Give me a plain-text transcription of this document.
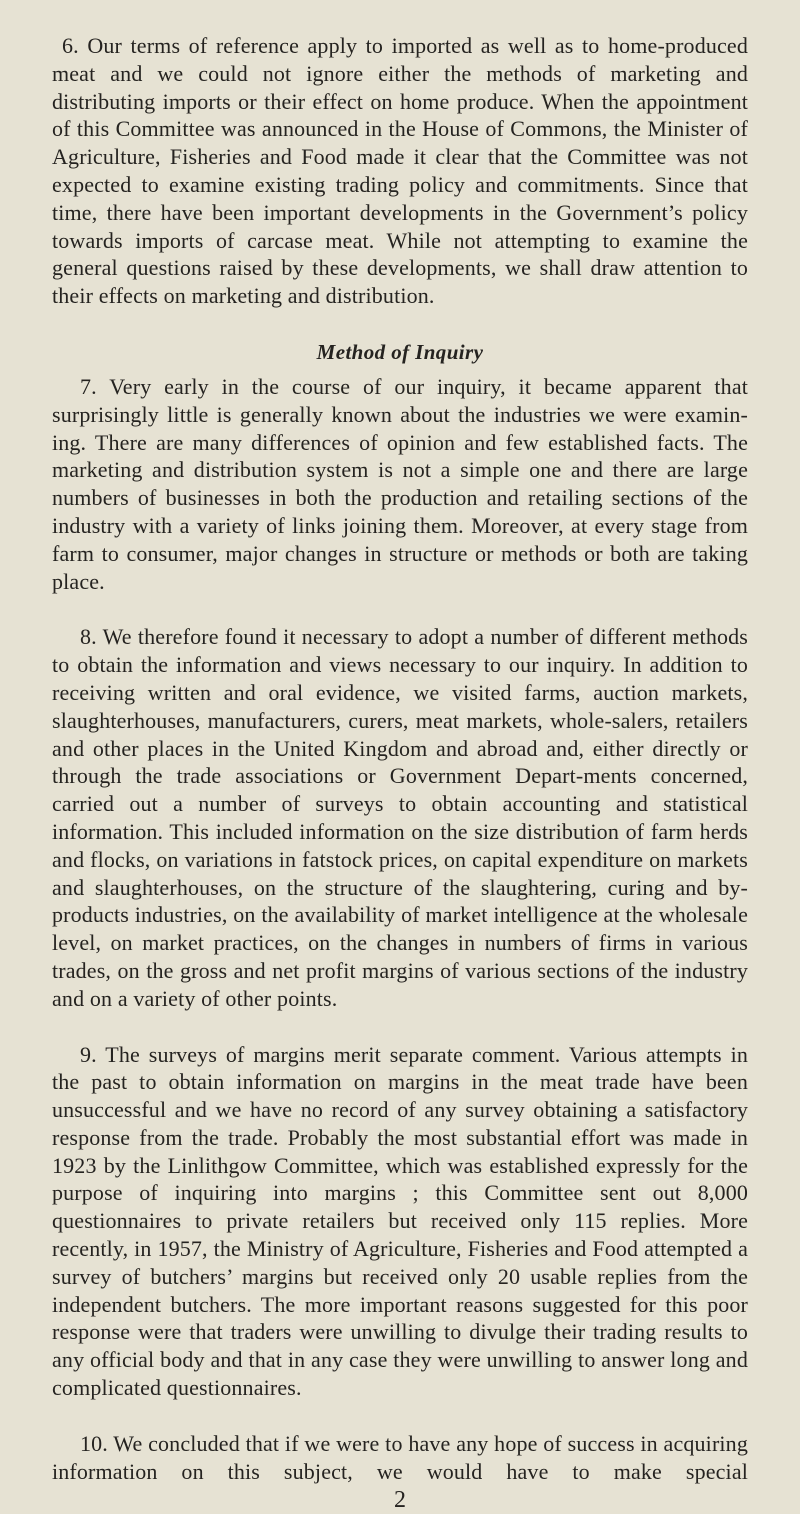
6. Our terms of reference apply to imported as well as to home-produced meat and we could not ignore either the methods of marketing and distributing imports or their effect on home produce. When the appointment of this Committee was announced in the House of Commons, the Minister of Agriculture, Fisheries and Food made it clear that the Committee was not expected to examine existing trading policy and commitments. Since that time, there have been important developments in the Government’s policy towards imports of carcase meat. While not attempting to examine the general questions raised by these developments, we shall draw attention to their effects on marketing and distribution.

Method of Inquiry

7. Very early in the course of our inquiry, it became apparent that surprisingly little is generally known about the industries we were examin-ing. There are many differences of opinion and few established facts. The marketing and distribution system is not a simple one and there are large numbers of businesses in both the production and retailing sections of the industry with a variety of links joining them. Moreover, at every stage from farm to consumer, major changes in structure or methods or both are taking place.

8. We therefore found it necessary to adopt a number of different methods to obtain the information and views necessary to our inquiry. In addition to receiving written and oral evidence, we visited farms, auction markets, slaughterhouses, manufacturers, curers, meat markets, whole-salers, retailers and other places in the United Kingdom and abroad and, either directly or through the trade associations or Government Depart-ments concerned, carried out a number of surveys to obtain accounting and statistical information. This included information on the size distribution of farm herds and flocks, on variations in fatstock prices, on capital expenditure on markets and slaughterhouses, on the structure of the slaughtering, curing and by-products industries, on the availability of market intelligence at the wholesale level, on market practices, on the changes in numbers of firms in various trades, on the gross and net profit margins of various sections of the industry and on a variety of other points.

9. The surveys of margins merit separate comment. Various attempts in the past to obtain information on margins in the meat trade have been unsuccessful and we have no record of any survey obtaining a satisfactory response from the trade. Probably the most substantial effort was made in 1923 by the Linlithgow Committee, which was established expressly for the purpose of inquiring into margins ; this Committee sent out 8,000 questionnaires to private retailers but received only 115 replies. More recently, in 1957, the Ministry of Agriculture, Fisheries and Food attempted a survey of butchers’ margins but received only 20 usable replies from the independent butchers. The more important reasons suggested for this poor response were that traders were unwilling to divulge their trading results to any official body and that in any case they were unwilling to answer long and complicated questionnaires.

10. We concluded that if we were to have any hope of success in acquiring information on this subject, we would have to make special

2
